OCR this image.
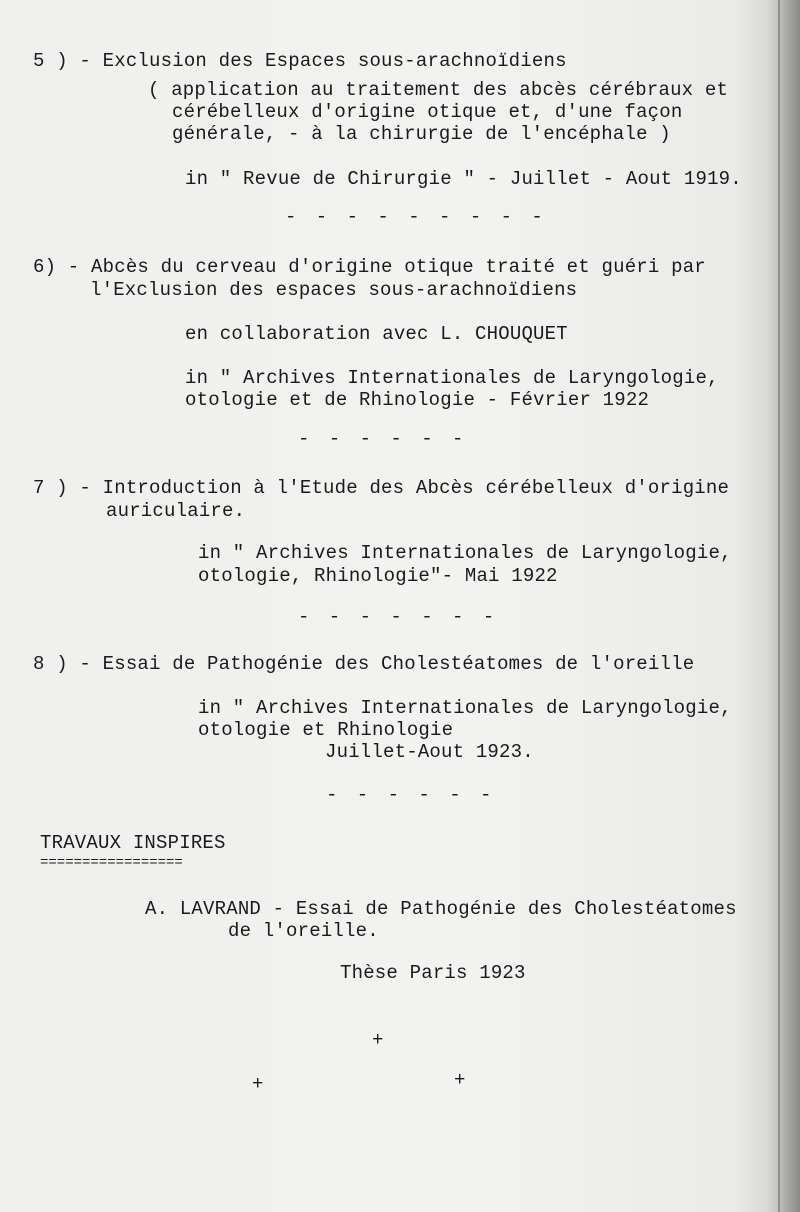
5 ) - Exclusion des Espaces sous-arachnoïdiens
( application au traitement des abcès cérébraux et
cérébelleux d'origine otique et, d'une façon
générale, - à la chirurgie de l'encéphale )
in " Revue de Chirurgie " - Juillet - Aout 1919.
- - - - - - - - -
6) - Abcès du cerveau d'origine otique traité et guéri par
l'Exclusion des espaces sous-arachnoïdiens
en collaboration avec L. CHOUQUET
in " Archives Internationales de Laryngologie,
otologie et de Rhinologie - Février 1922
- - - - - -
7 ) - Introduction à l'Etude des Abcès cérébelleux d'origine
auriculaire.
in " Archives Internationales de Laryngologie,
otologie, Rhinologie"- Mai 1922
- - - - - - -
8 ) - Essai de Pathogénie des Cholestéatomes de l'oreille
in " Archives Internationales de Laryngologie,
otologie et Rhinologie
Juillet-Aout 1923.
- - - - - -
TRAVAUX INSPIRES
=================
A. LAVRAND - Essai de Pathogénie des Cholestéatomes
de l'oreille.
Thèse Paris 1923
+
+	+
